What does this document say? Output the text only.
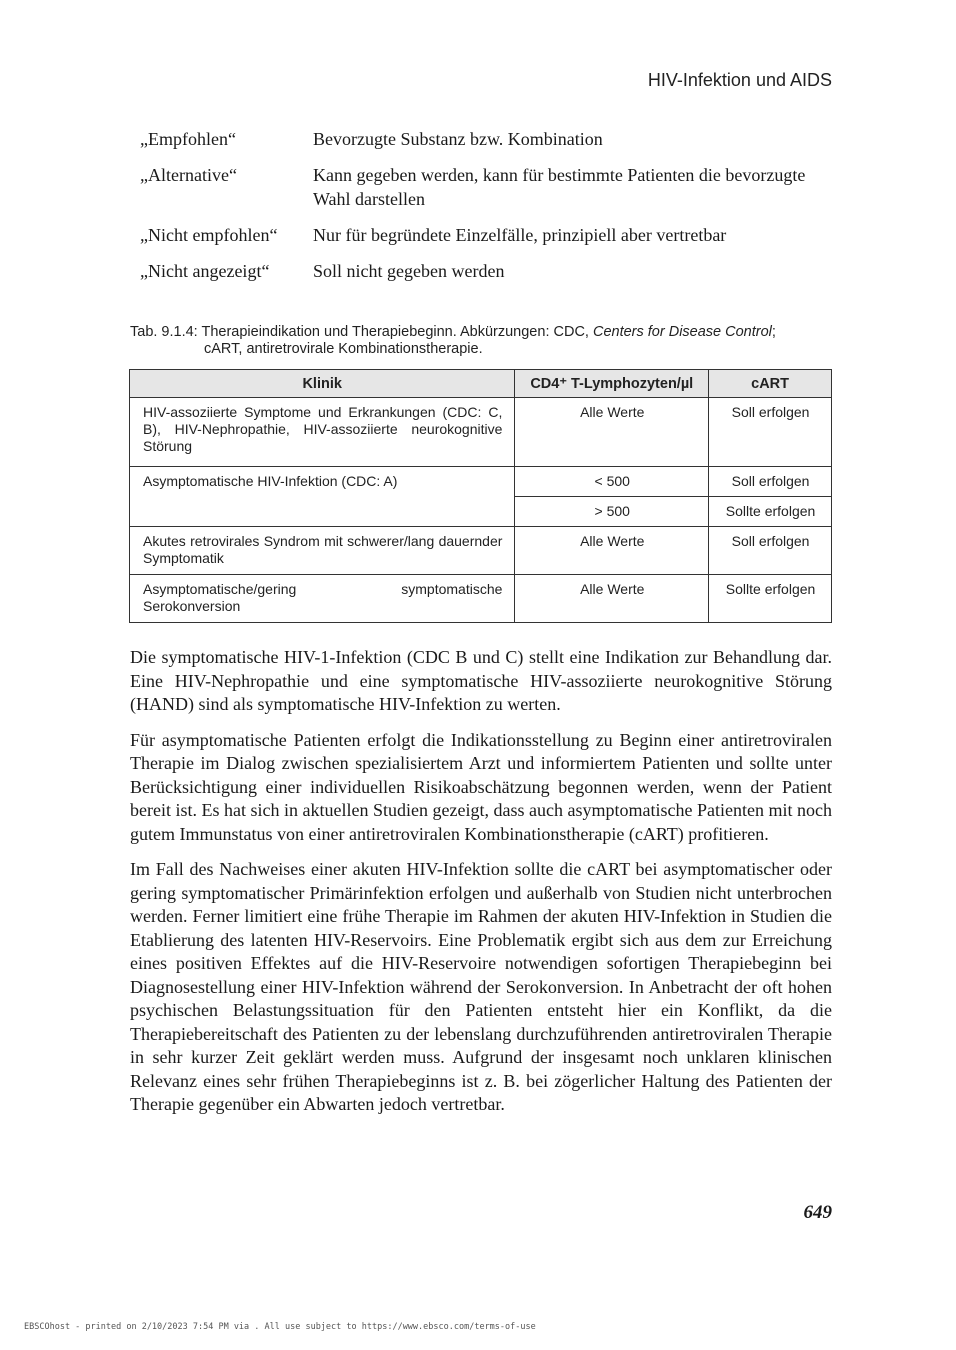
HIV-Infektion und AIDS
„Empfohlen“	Bevorzugte Substanz bzw. Kombination
„Alternative“	Kann gegeben werden, kann für bestimmte Patienten die bevorzugte Wahl darstellen
„Nicht empfohlen“	Nur für begründete Einzelfälle, prinzipiell aber vertretbar
„Nicht angezeigt“	Soll nicht gegeben werden
Tab. 9.1.4: Therapieindikation und Therapiebeginn. Abkürzungen: CDC, Centers for Disease Control;
cART, antiretrovirale Kombinationstherapie.
Klinik	CD4⁺ T-Lymphozyten/µl	cART
HIV-assoziierte Symptome und Erkrankungen (CDC: C, B), HIV-Nephropathie, HIV-assoziierte neurokognitive Störung	Alle Werte	Soll erfolgen
Asymptomatische HIV-Infektion (CDC: A)	< 500	Soll erfolgen
	> 500	Sollte erfolgen
Akutes retrovirales Syndrom mit schwerer/lang dauernder Symptomatik	Alle Werte	Soll erfolgen
Asymptomatische/gering symptomatische Serokonversion	Alle Werte	Sollte erfolgen

Die symptomatische HIV-1-Infektion (CDC B und C) stellt eine Indikation zur Behandlung dar. Eine HIV-Nephropathie und eine symptomatische HIV-assoziierte neurokognitive Störung (HAND) sind als symptomatische HIV-Infektion zu werten.

Für asymptomatische Patienten erfolgt die Indikationsstellung zu Beginn einer antiretroviralen Therapie im Dialog zwischen spezialisiertem Arzt und informiertem Patienten und sollte unter Berücksichtigung einer individuellen Risikoabschätzung begonnen werden, wenn der Patient bereit ist. Es hat sich in aktuellen Studien gezeigt, dass auch asymptomatische Patienten mit noch gutem Immunstatus von einer antiretroviralen Kombinationstherapie (cART) profitieren.

Im Fall des Nachweises einer akuten HIV-Infektion sollte die cART bei asymptomatischer oder gering symptomatischer Primärinfektion erfolgen und außerhalb von Studien nicht unterbrochen werden. Ferner limitiert eine frühe Therapie im Rahmen der akuten HIV-Infektion in Studien die Etablierung des latenten HIV-Reservoirs. Eine Problematik ergibt sich aus dem zur Erreichung eines positiven Effektes auf die HIV-Reservoire notwendigen sofortigen Therapiebeginn bei Diagnosestellung einer HIV-Infektion während der Serokonversion. In Anbetracht der oft hohen psychischen Belastungssituation für den Patienten entsteht hier ein Konflikt, da die Therapiebereitschaft des Patienten zu der lebenslang durchzuführenden antiretroviralen Therapie in sehr kurzer Zeit geklärt werden muss. Aufgrund der insgesamt noch unklaren klinischen Relevanz eines sehr frühen Therapiebeginns ist z. B. bei zögerlicher Haltung des Patienten der Therapie gegenüber ein Abwarten jedoch vertretbar.

649
EBSCOhost - printed on 2/10/2023 7:54 PM via . All use subject to https://www.ebsco.com/terms-of-use
